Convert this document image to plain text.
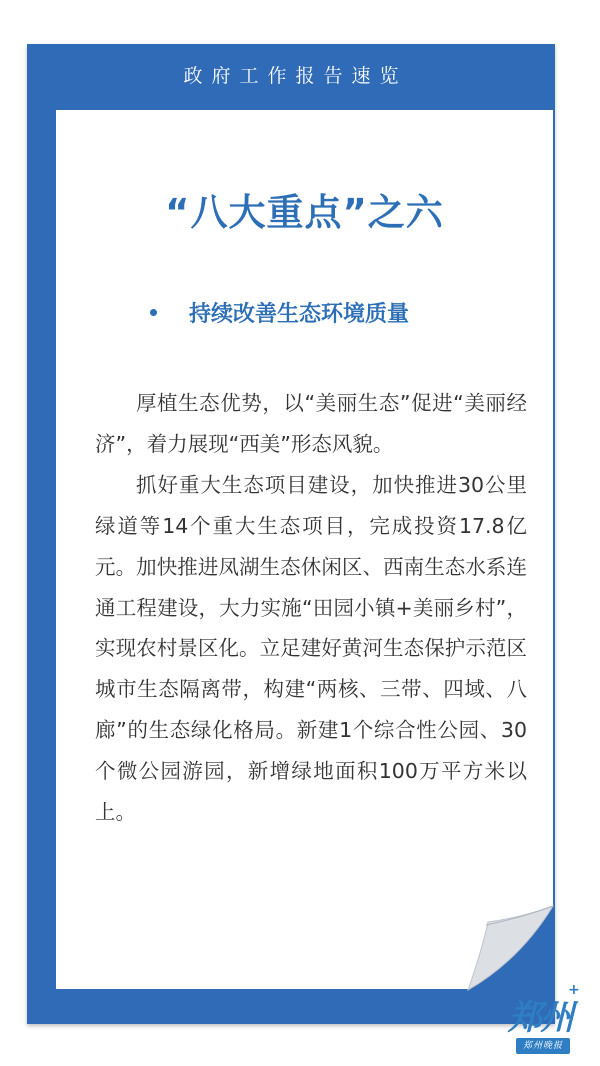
政府工作报告速览
“八大重点”之六
持续改善生态环境质量

厚植生态优势，以“美丽生态”促进“美丽经济”，着力展现“西美”形态风貌。

抓好重大生态项目建设，加快推进30公里绿道等14个重大生态项目，完成投资17.8亿元。加快推进凤湖生态休闲区、西南生态水系连通工程建设，大力实施“田园小镇+美丽乡村”，实现农村景区化。立足建好黄河生态保护示范区城市生态隔离带，构建“两核、三带、四域、八廊”的生态绿化格局。新建1个综合性公园、30个微公园游园，新增绿地面积100万平方米以上。

郑州
+
郑州晚报
